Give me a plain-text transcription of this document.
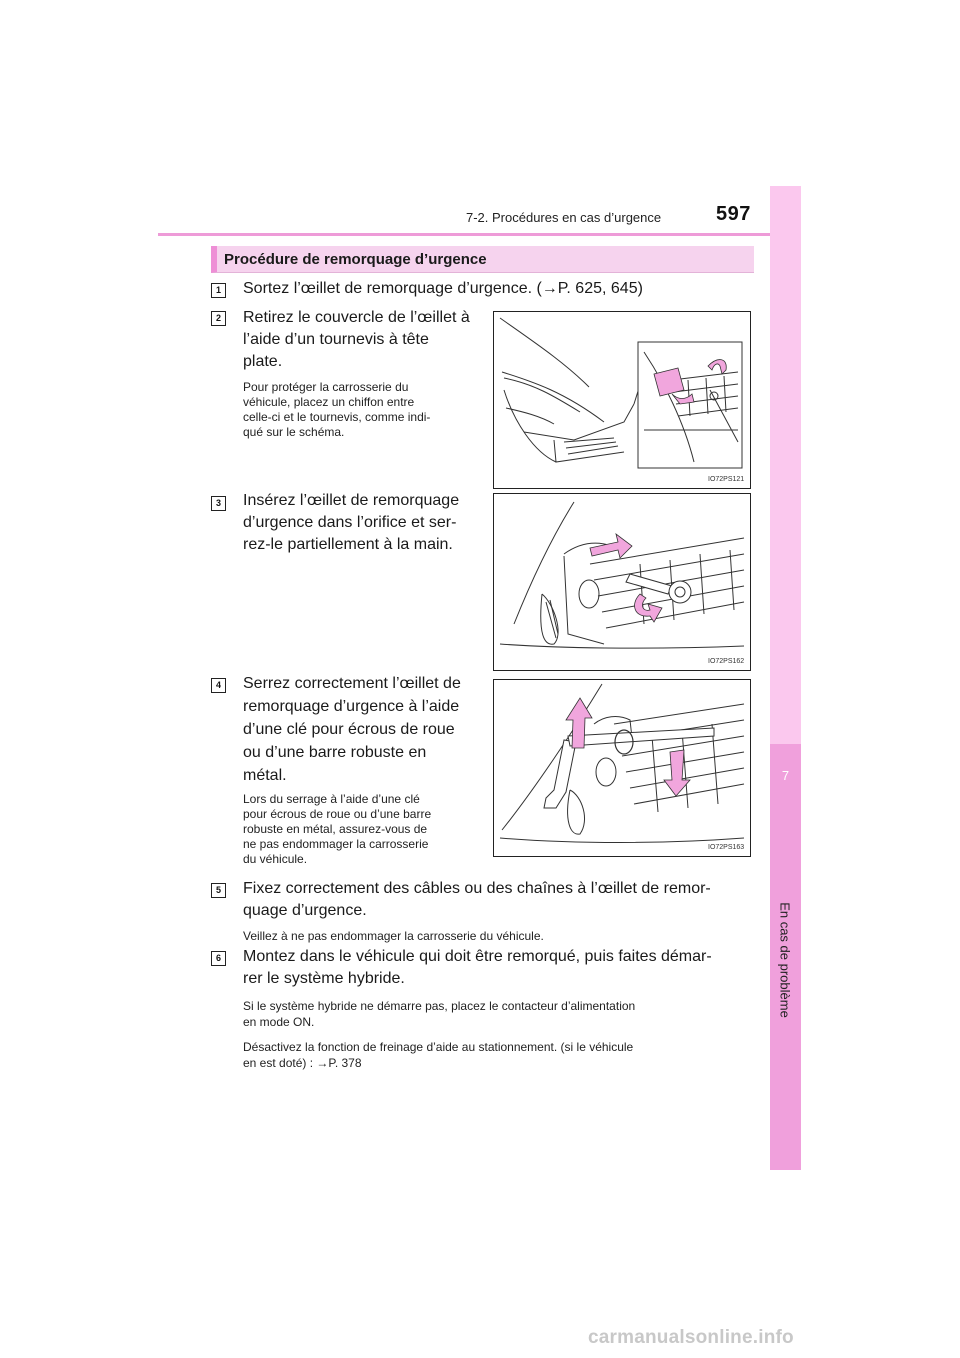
7-2. Procédures en cas d’urgence	597
7
En cas de problème
Procédure de remorquage d’urgence
1	Sortez l’œillet de remorquage d’urgence. (→P. 625, 645)
2	Retirez le couvercle de l’œillet à
l’aide d’un tournevis à tête
plate.
Pour protéger la carrosserie du
véhicule, placez un chiffon entre
celle-ci et le tournevis, comme indi-
qué sur le schéma.
IO72PS121
3	Insérez l’œillet de remorquage
d’urgence dans l’orifice et ser-
rez-le partiellement à la main.
IO72PS162
4	Serrez correctement l’œillet de
remorquage d’urgence à l’aide
d’une clé pour écrous de roue
ou d’une barre robuste en
métal.
Lors du serrage à l’aide d’une clé
pour écrous de roue ou d’une barre
robuste en métal, assurez-vous de
ne pas endommager la carrosserie
du véhicule.
IO72PS163
5	Fixez correctement des câbles ou des chaînes à l’œillet de remor-
quage d’urgence.
Veillez à ne pas endommager la carrosserie du véhicule.
6	Montez dans le véhicule qui doit être remorqué, puis faites démar-
rer le système hybride.
Si le système hybride ne démarre pas, placez le contacteur d’alimentation
en mode ON.
Désactivez la fonction de freinage d’aide au stationnement. (si le véhicule
en est doté) : →P. 378
carmanualsonline.info
